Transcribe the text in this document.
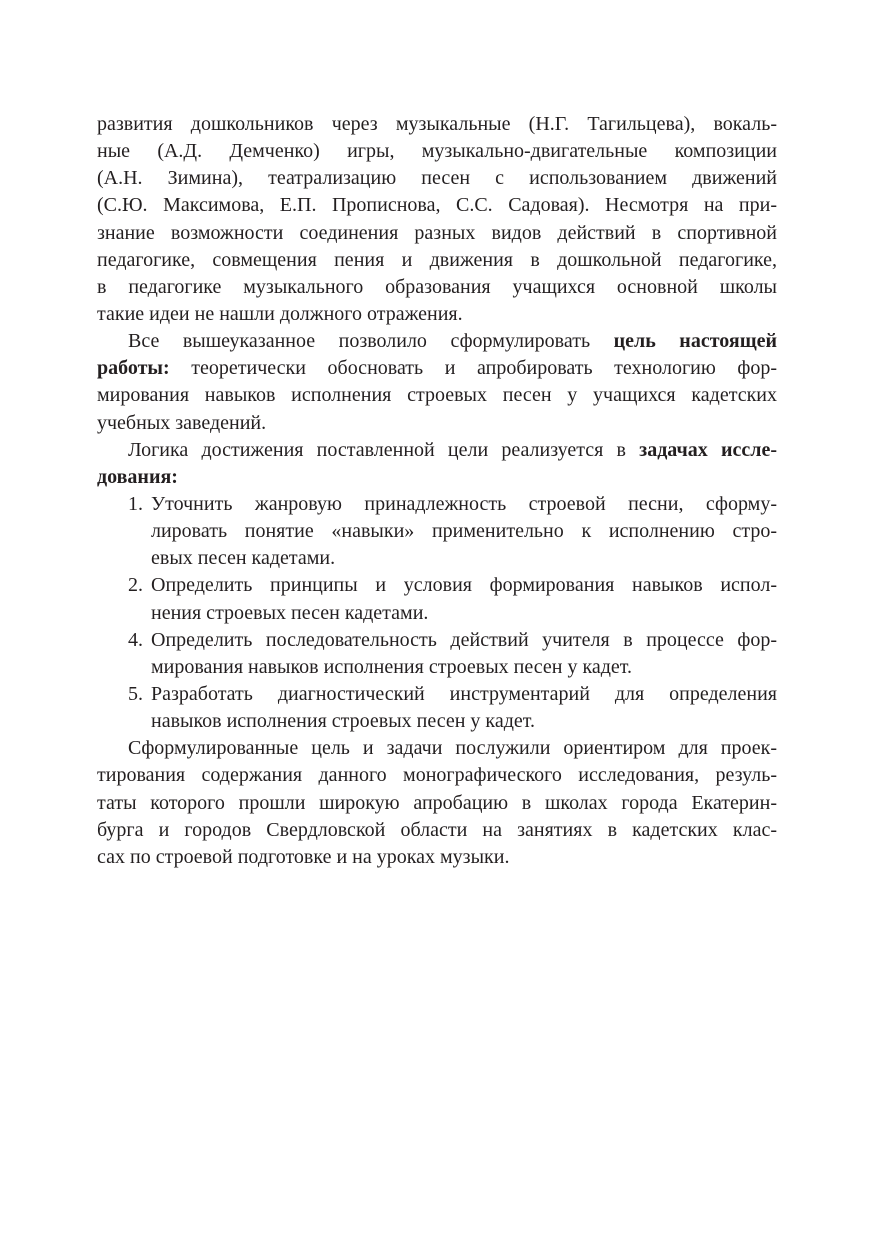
развития дошкольников через музыкальные (Н.Г. Тагильцева), вокаль-
ные (А.Д. Демченко) игры, музыкально-двигательные композиции
(А.Н. Зимина), театрализацию песен с использованием движений
(С.Ю. Максимова, Е.П. Прописнова, С.С. Садовая). Несмотря на при-
знание возможности соединения разных видов действий в спортивной
педагогике, совмещения пения и движения в дошкольной педагогике,
в педагогике музыкального образования учащихся основной школы
такие идеи не нашли должного отражения.
Все вышеуказанное позволило сформулировать цель настоящей
работы: теоретически обосновать и апробировать технологию фор-
мирования навыков исполнения строевых песен у учащихся кадетских
учебных заведений.
Логика достижения поставленной цели реализуется в задачах иссле-
дования:
1. Уточнить жанровую принадлежность строевой песни, сформу-
лировать понятие «навыки» применительно к исполнению стро-
евых песен кадетами.
2. Определить принципы и условия формирования навыков испол-
нения строевых песен кадетами.
4. Определить последовательность действий учителя в процессе фор-
мирования навыков исполнения строевых песен у кадет.
5. Разработать диагностический инструментарий для определения
навыков исполнения строевых песен у кадет.
Сформулированные цель и задачи послужили ориентиром для проек-
тирования содержания данного монографического исследования, резуль-
таты которого прошли широкую апробацию в школах города Екатерин-
бурга и городов Свердловской области на занятиях в кадетских клас-
сах по строевой подготовке и на уроках музыки.
